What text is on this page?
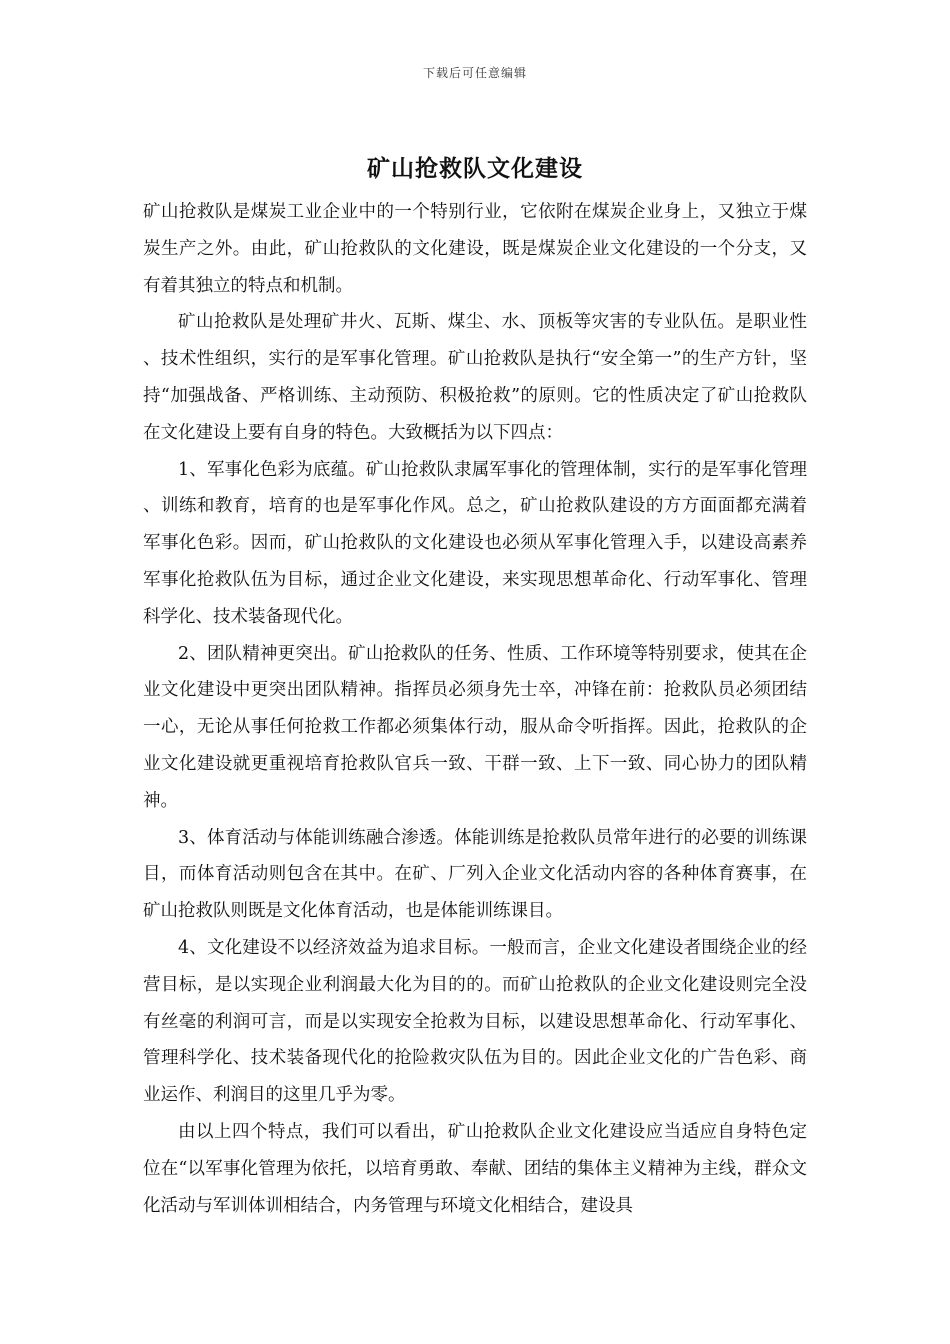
下载后可任意编辑
矿山抢救队文化建设

矿山抢救队是煤炭工业企业中的一个特别行业，它依附在煤炭企业身上，又独立于煤炭生产之外。由此，矿山抢救队的文化建设，既是煤炭企业文化建设的一个分支，又有着其独立的特点和机制。

矿山抢救队是处理矿井火、瓦斯、煤尘、水、顶板等灾害的专业队伍。是职业性、技术性组织，实行的是军事化管理。矿山抢救队是执行“安全第一”的生产方针，坚持“加强战备、严格训练、主动预防、积极抢救”的原则。它的性质决定了矿山抢救队在文化建设上要有自身的特色。大致概括为以下四点：

1、军事化色彩为底蕴。矿山抢救队隶属军事化的管理体制，实行的是军事化管理、训练和教育，培育的也是军事化作风。总之，矿山抢救队建设的方方面面都充满着军事化色彩。因而，矿山抢救队的文化建设也必须从军事化管理入手，以建设高素养军事化抢救队伍为目标，通过企业文化建设，来实现思想革命化、行动军事化、管理科学化、技术装备现代化。

2、团队精神更突出。矿山抢救队的任务、性质、工作环境等特别要求，使其在企业文化建设中更突出团队精神。指挥员必须身先士卒，冲锋在前：抢救队员必须团结一心，无论从事任何抢救工作都必须集体行动，服从命令听指挥。因此，抢救队的企业文化建设就更重视培育抢救队官兵一致、干群一致、上下一致、同心协力的团队精神。

3、体育活动与体能训练融合渗透。体能训练是抢救队员常年进行的必要的训练课目，而体育活动则包含在其中。在矿、厂列入企业文化活动内容的各种体育赛事，在矿山抢救队则既是文化体育活动，也是体能训练课目。

4、文化建设不以经济效益为追求目标。一般而言，企业文化建设者围绕企业的经营目标，是以实现企业利润最大化为目的的。而矿山抢救队的企业文化建设则完全没有丝毫的利润可言，而是以实现安全抢救为目标，以建设思想革命化、行动军事化、管理科学化、技术装备现代化的抢险救灾队伍为目的。因此企业文化的广告色彩、商业运作、利润目的这里几乎为零。

由以上四个特点，我们可以看出，矿山抢救队企业文化建设应当适应自身特色定位在“以军事化管理为依托，以培育勇敢、奉献、团结的集体主义精神为主线，群众文化活动与军训体训相结合，内务管理与环境文化相结合，建设具
